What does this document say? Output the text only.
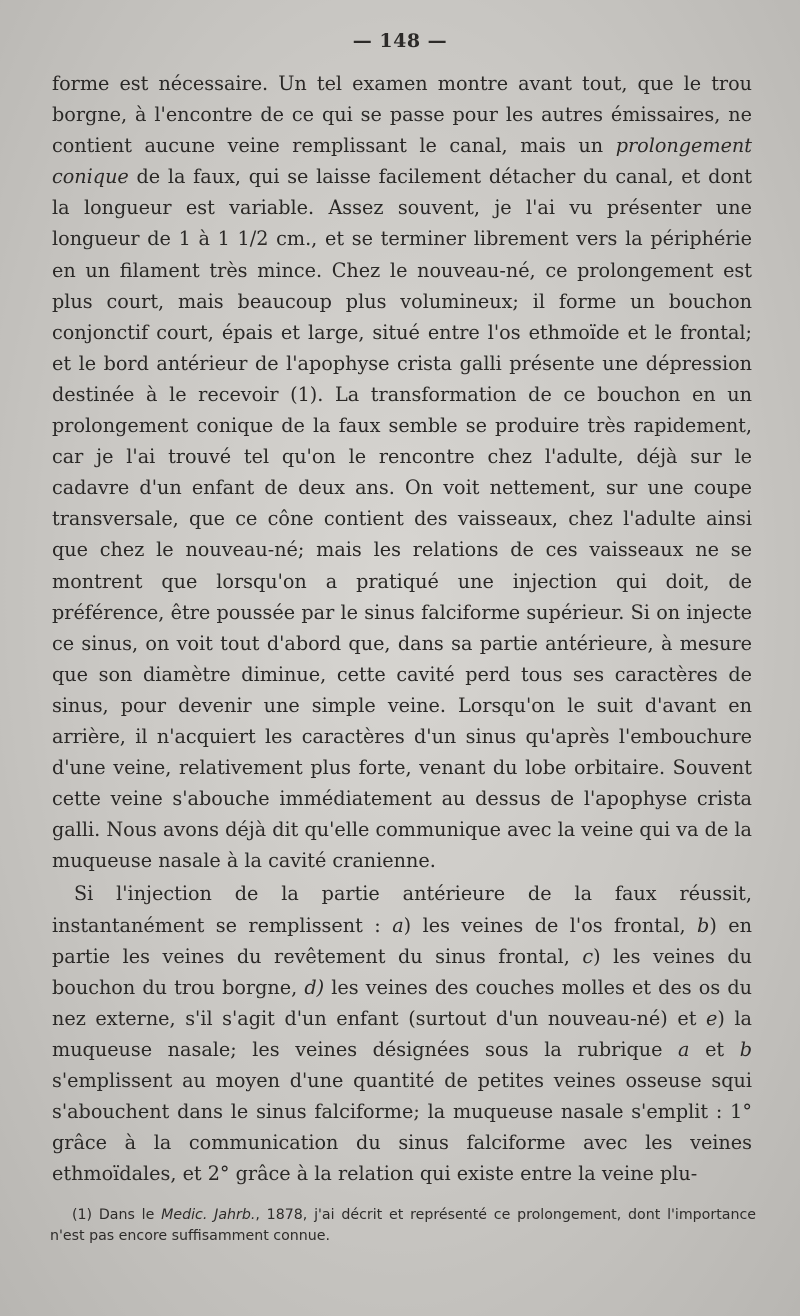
— 148 —

forme est nécessaire. Un tel examen montre avant tout, que le trou borgne, à l'encontre de ce qui se passe pour les autres émissaires, ne contient aucune veine remplissant le canal, mais un prolongement conique de la faux, qui se laisse facilement détacher du canal, et dont la longueur est variable. Assez souvent, je l'ai vu présenter une longueur de 1 à 1 1/2 cm., et se terminer librement vers la périphérie en un filament très mince. Chez le nouveau-né, ce prolongement est plus court, mais beaucoup plus volumineux; il forme un bouchon conjonctif court, épais et large, situé entre l'os ethmoïde et le frontal; et le bord antérieur de l'apophyse crista galli présente une dépression destinée à le recevoir (1). La transformation de ce bouchon en un prolongement conique de la faux semble se produire très rapidement, car je l'ai trouvé tel qu'on le rencontre chez l'adulte, déjà sur le cadavre d'un enfant de deux ans. On voit nettement, sur une coupe transversale, que ce cône contient des vaisseaux, chez l'adulte ainsi que chez le nouveau-né; mais les relations de ces vaisseaux ne se montrent que lorsqu'on a pratiqué une injection qui doit, de préférence, être poussée par le sinus falciforme supérieur. Si on injecte ce sinus, on voit tout d'abord que, dans sa partie antérieure, à mesure que son diamètre diminue, cette cavité perd tous ses caractères de sinus, pour devenir une simple veine. Lorsqu'on le suit d'avant en arrière, il n'acquiert les caractères d'un sinus qu'après l'embouchure d'une veine, relativement plus forte, venant du lobe orbitaire. Souvent cette veine s'abouche immédiatement au dessus de l'apophyse crista galli. Nous avons déjà dit qu'elle communique avec la veine qui va de la muqueuse nasale à la cavité cranienne.

Si l'injection de la partie antérieure de la faux réussit, instantanément se remplissent : a) les veines de l'os frontal, b) en partie les veines du revêtement du sinus frontal, c) les veines du bouchon du trou borgne, d) les veines des couches molles et des os du nez externe, s'il s'agit d'un enfant (surtout d'un nouveau-né) et e) la muqueuse nasale; les veines désignées sous la rubrique a et b s'emplissent au moyen d'une quantité de petites veines osseuse squi s'abouchent dans le sinus falciforme; la muqueuse nasale s'emplit : 1° grâce à la communication du sinus falciforme avec les veines ethmoïdales, et 2° grâce à la relation qui existe entre la veine plu-

(1) Dans le Medic. Jahrb., 1878, j'ai décrit et représenté ce prolongement, dont l'importance n'est pas encore suffisamment connue.
